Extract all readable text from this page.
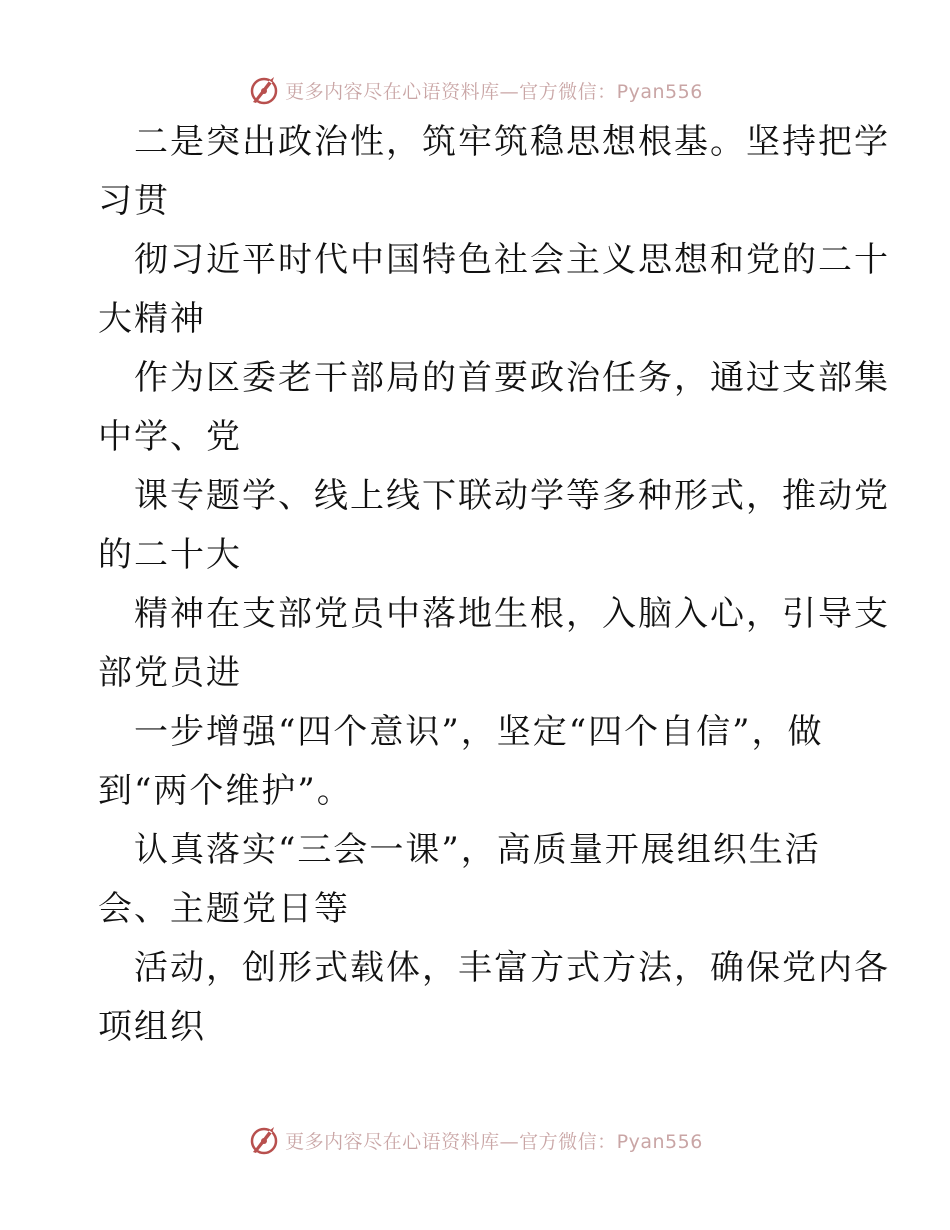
更多内容尽在心语资料库—官方微信：Pyan556
二是突出政治性，筑牢筑稳思想根基。坚持把学
习贯
彻习近平时代中国特色社会主义思想和党的二十
大精神
作为区委老干部局的首要政治任务，通过支部集
中学、党
课专题学、线上线下联动学等多种形式，推动党
的二十大
精神在支部党员中落地生根，入脑入心，引导支
部党员进
一步增强“四个意识”，坚定“四个自信”，做
到“两个维护”。
认真落实“三会一课”，高质量开展组织生活
会、主题党日等
活动，创形式载体，丰富方式方法，确保党内各
项组织
更多内容尽在心语资料库—官方微信：Pyan556
